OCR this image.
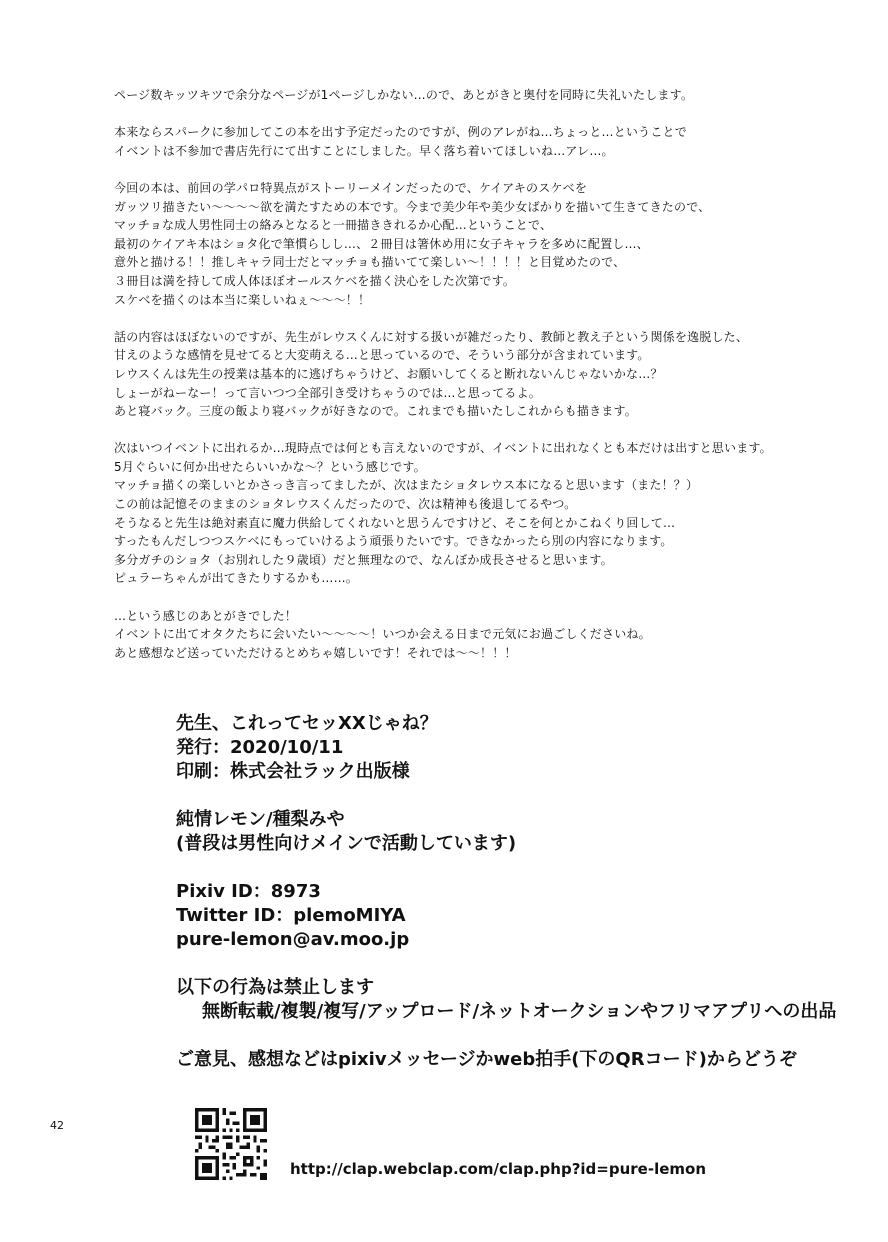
ページ数キッツキツで余分なページが1ページしかない…ので、あとがきと奥付を同時に失礼いたします。
本来ならスパークに参加してこの本を出す予定だったのですが、例のアレがね…ちょっと…ということで
イベントは不参加で書店先行にて出すことにしました。早く落ち着いてほしいね…アレ…。
今回の本は、前回の学パロ特異点がストーリーメインだったので、ケイアキのスケベを
ガッツリ描きたい～～～～欲を満たすための本です。今まで美少年や美少女ばかりを描いて生きてきたので、
マッチョな成人男性同士の絡みとなると一冊描ききれるか心配…ということで、
最初のケイアキ本はショタ化で筆慣らしし…、２冊目は箸休め用に女子キャラを多めに配置し…、
意外と描ける！！推しキャラ同士だとマッチョも描いてて楽しい～！！！！と目覚めたので、
３冊目は満を持して成人体ほぼオールスケベを描く決心をした次第です。
スケベを描くのは本当に楽しいねぇ～～～！！
話の内容はほぼないのですが、先生がレウスくんに対する扱いが雑だったり、教師と教え子という関係を逸脱した、
甘えのような感情を見せてると大変萌える…と思っているので、そういう部分が含まれています。
レウスくんは先生の授業は基本的に逃げちゃうけど、お願いしてくると断れないんじゃないかな…？
しょーがねーなー！って言いつつ全部引き受けちゃうのでは…と思ってるよ。
あと寝バック。三度の飯より寝バックが好きなので。これまでも描いたしこれからも描きます。
次はいつイベントに出れるか…現時点では何とも言えないのですが、イベントに出れなくとも本だけは出すと思います。
5月ぐらいに何か出せたらいいかな～？という感じです。
マッチョ描くの楽しいとかさっき言ってましたが、次はまたショタレウス本になると思います（また！？）
この前は記憶そのままのショタレウスくんだったので、次は精神も後退してるやつ。
そうなると先生は絶対素直に魔力供給してくれないと思うんですけど、そこを何とかこねくり回して…
すったもんだしつつスケベにもっていけるよう頑張りたいです。できなかったら別の内容になります。
多分ガチのショタ（お別れした９歳頃）だと無理なので、なんぼか成長させると思います。
ピュラーちゃんが出てきたりするかも……。
…という感じのあとがきでした！
イベントに出てオタクたちに会いたい～～～～！いつか会える日まで元気にお過ごしくださいね。
あと感想など送っていただけるとめちゃ嬉しいです！それでは～～！！！
先生、これってセッXXじゃね？
発行：2020/10/11
印刷：株式会社ラック出版様
純情レモン/種梨みや
(普段は男性向けメインで活動しています)
Pixiv ID：8973
Twitter ID：plemoMIYA
pure-lemon@av.moo.jp
以下の行為は禁止します
無断転載/複製/複写/アップロード/ネットオークションやフリマアプリへの出品
ご意見、感想などはpixivメッセージかweb拍手(下のQRコード)からどうぞ
42
http://clap.webclap.com/clap.php?id=pure-lemon
